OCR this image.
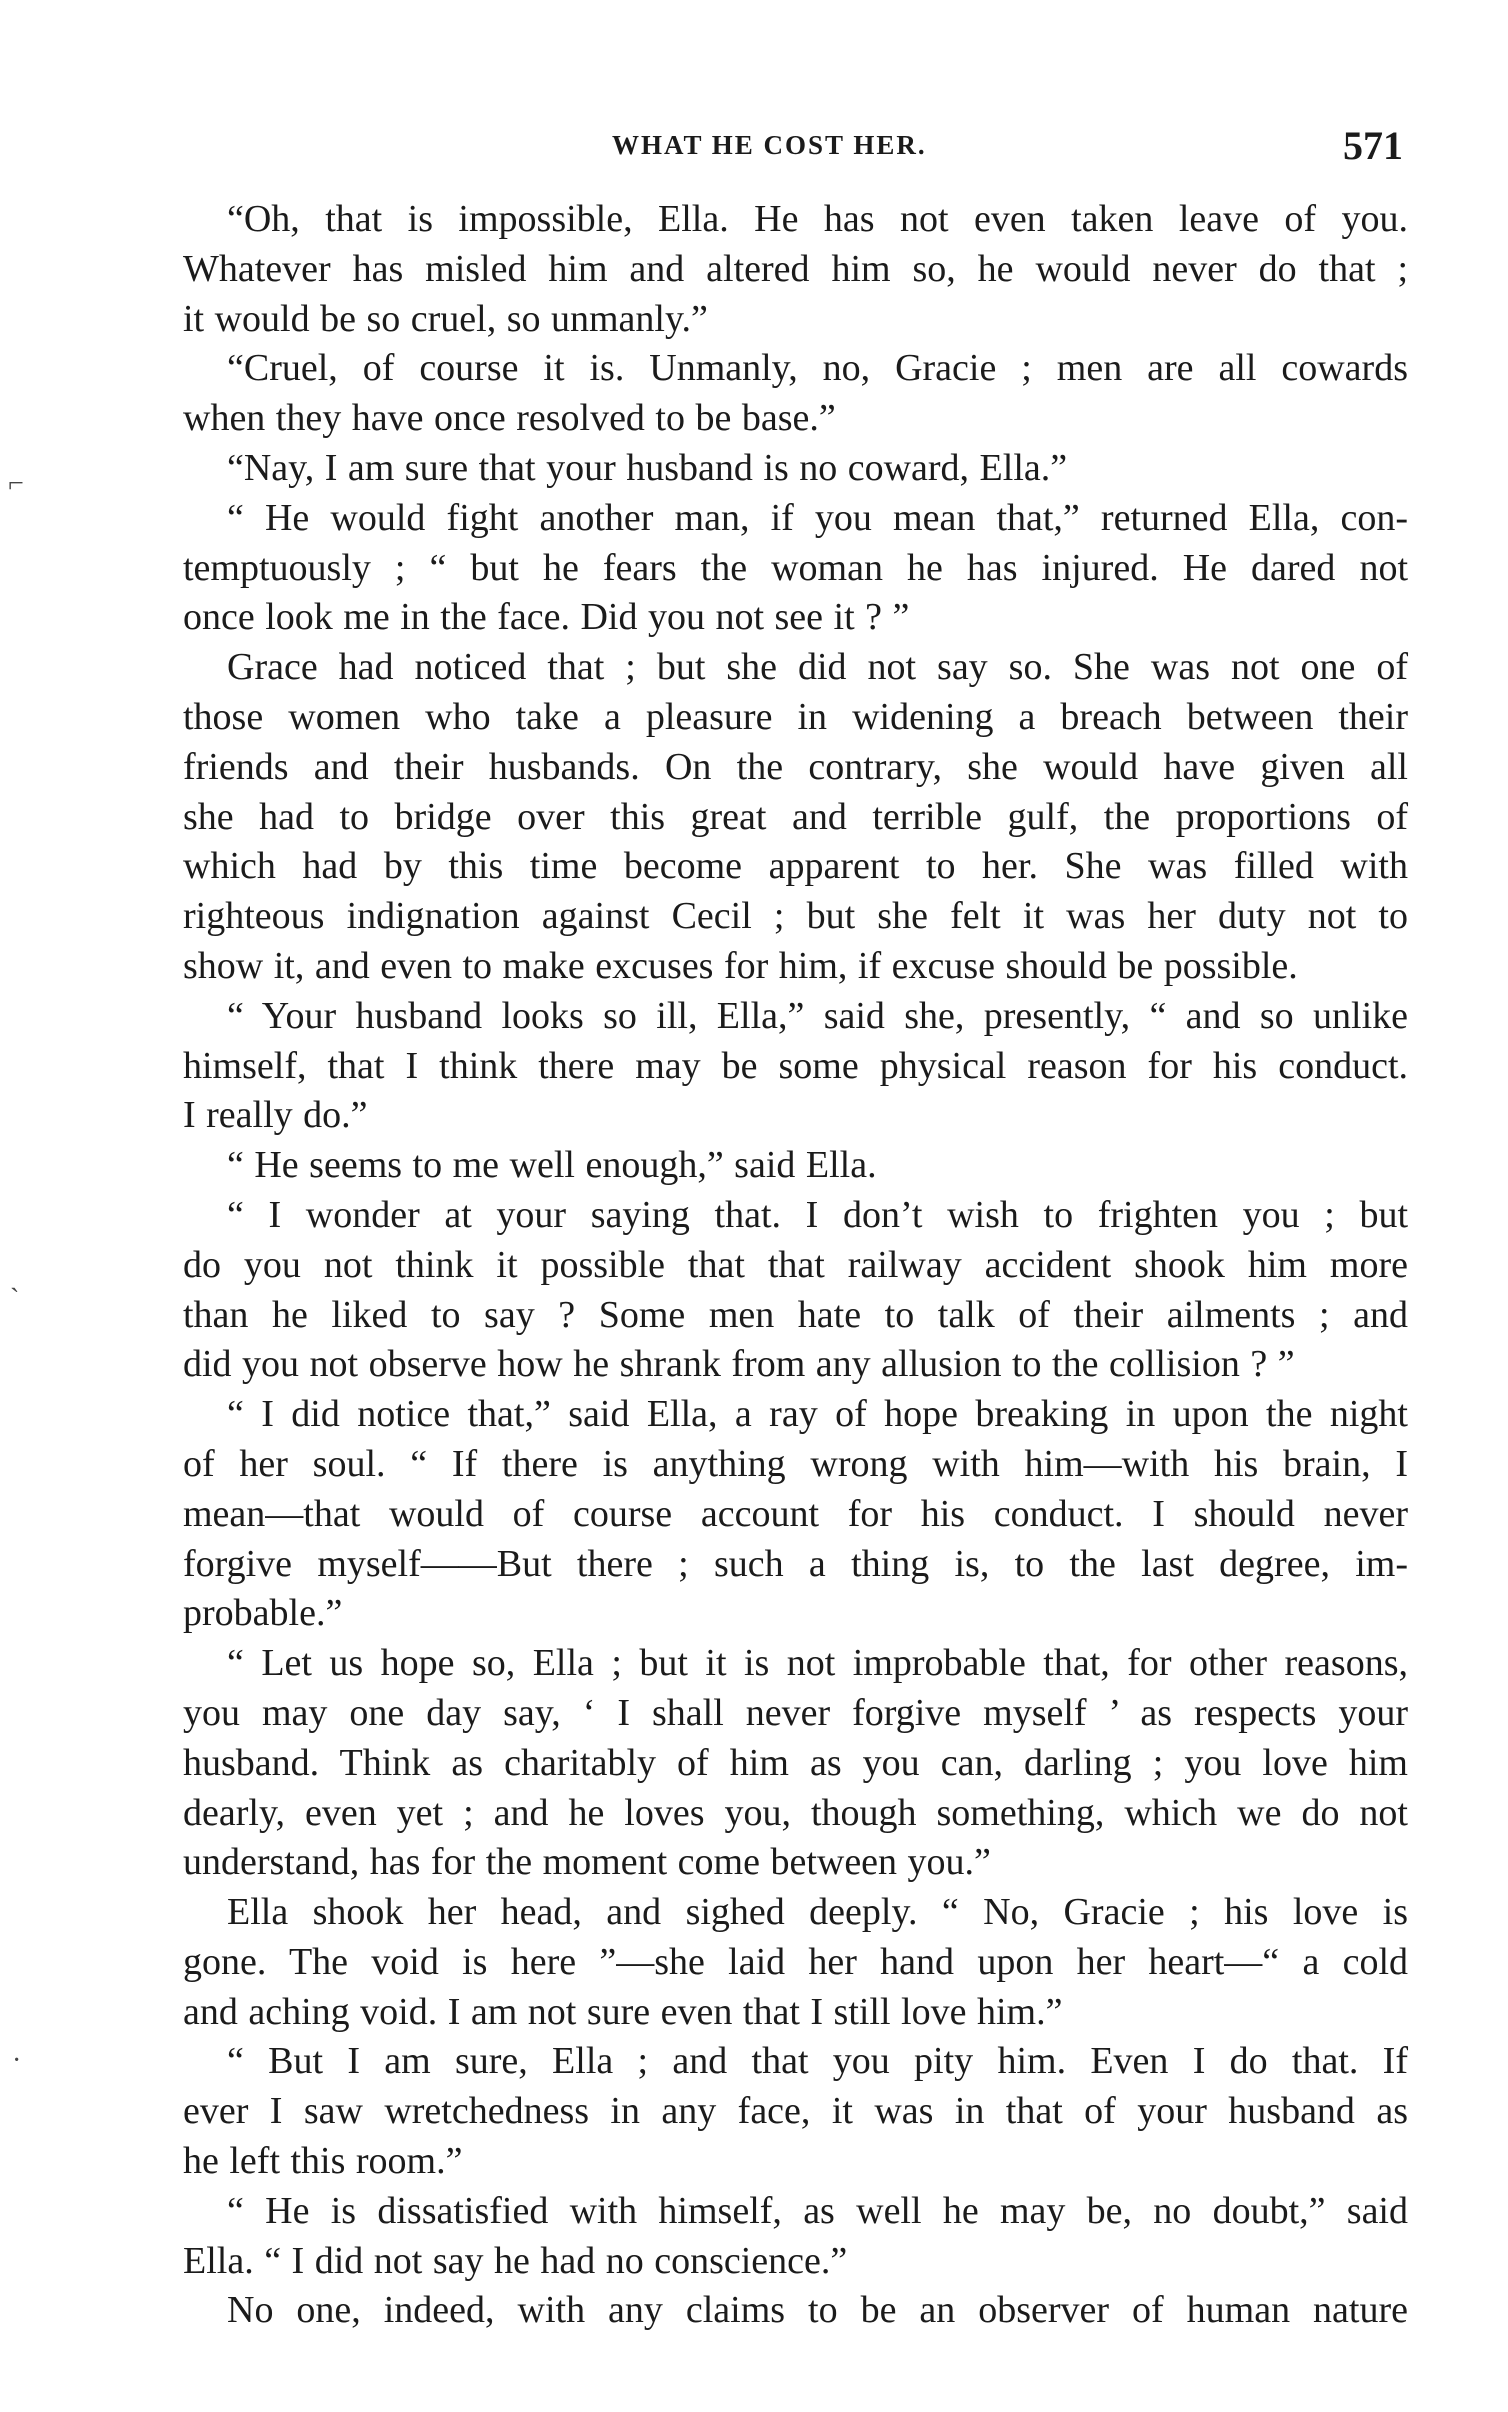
WHAT HE COST HER.	571
⌐
ˎ
·
“Oh, that is impossible, Ella. He has not even taken leave of you.
Whatever has misled him and altered him so, he would never do that ;
it would be so cruel, so unmanly.”
“Cruel, of course it is. Unmanly, no, Gracie ; men are all cowards
when they have once resolved to be base.”
“Nay, I am sure that your husband is no coward, Ella.”
“ He would fight another man, if you mean that,” returned Ella, con-
temptuously ; “ but he fears the woman he has injured. He dared not
once look me in the face. Did you not see it ? ”
Grace had noticed that ; but she did not say so. She was not one of
those women who take a pleasure in widening a breach between their
friends and their husbands. On the contrary, she would have given all
she had to bridge over this great and terrible gulf, the proportions of
which had by this time become apparent to her. She was filled with
righteous indignation against Cecil ; but she felt it was her duty not to
show it, and even to make excuses for him, if excuse should be possible.
“ Your husband looks so ill, Ella,” said she, presently, “ and so unlike
himself, that I think there may be some physical reason for his conduct.
I really do.”
“ He seems to me well enough,” said Ella.
“ I wonder at your saying that. I don’t wish to frighten you ; but
do you not think it possible that that railway accident shook him more
than he liked to say ? Some men hate to talk of their ailments ; and
did you not observe how he shrank from any allusion to the collision ? ”
“ I did notice that,” said Ella, a ray of hope breaking in upon the night
of her soul. “ If there is anything wrong with him—with his brain, I
mean—that would of course account for his conduct. I should never
forgive myself——But there ; such a thing is, to the last degree, im-
probable.”
“ Let us hope so, Ella ; but it is not improbable that, for other reasons,
you may one day say, ‘ I shall never forgive myself ’ as respects your
husband. Think as charitably of him as you can, darling ; you love him
dearly, even yet ; and he loves you, though something, which we do not
understand, has for the moment come between you.”
Ella shook her head, and sighed deeply. “ No, Gracie ; his love is
gone. The void is here ”—she laid her hand upon her heart—“ a cold
and aching void. I am not sure even that I still love him.”
“ But I am sure, Ella ; and that you pity him. Even I do that. If
ever I saw wretchedness in any face, it was in that of your husband as
he left this room.”
“ He is dissatisfied with himself, as well he may be, no doubt,” said
Ella. “ I did not say he had no conscience.”
No one, indeed, with any claims to be an observer of human nature
